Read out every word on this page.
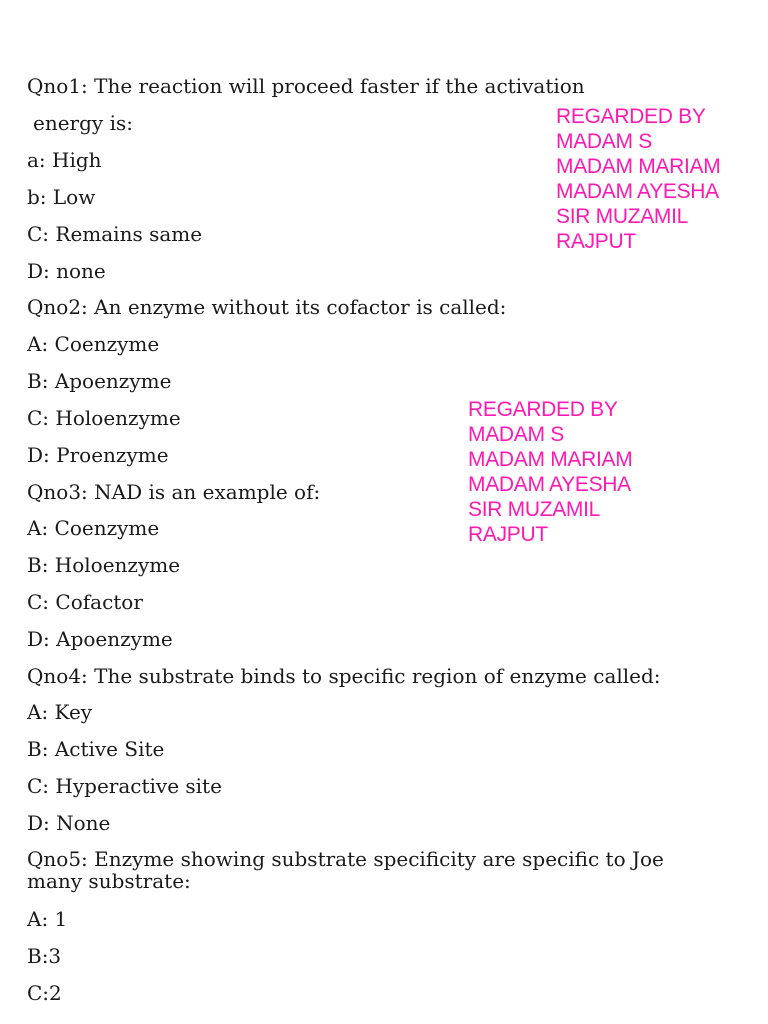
Qno1: The reaction will proceed faster if the activation
energy is:
a: High
b: Low
C: Remains same
D: none
Qno2: An enzyme without its cofactor is called:
A: Coenzyme
B: Apoenzyme
C: Holoenzyme
D: Proenzyme
Qno3: NAD is an example of:
A: Coenzyme
B: Holoenzyme
C: Cofactor
D: Apoenzyme
Qno4: The substrate binds to specific region of enzyme called:
A: Key
B: Active Site
C: Hyperactive site
D: None
Qno5: Enzyme showing substrate specificity are specific to Joe many substrate:
A: 1
B:3
C:2
REGARDED BY
MADAM S
MADAM MARIAM
MADAM AYESHA
SIR MUZAMIL
RAJPUT
REGARDED BY
MADAM S
MADAM MARIAM
MADAM AYESHA
SIR MUZAMIL
RAJPUT
